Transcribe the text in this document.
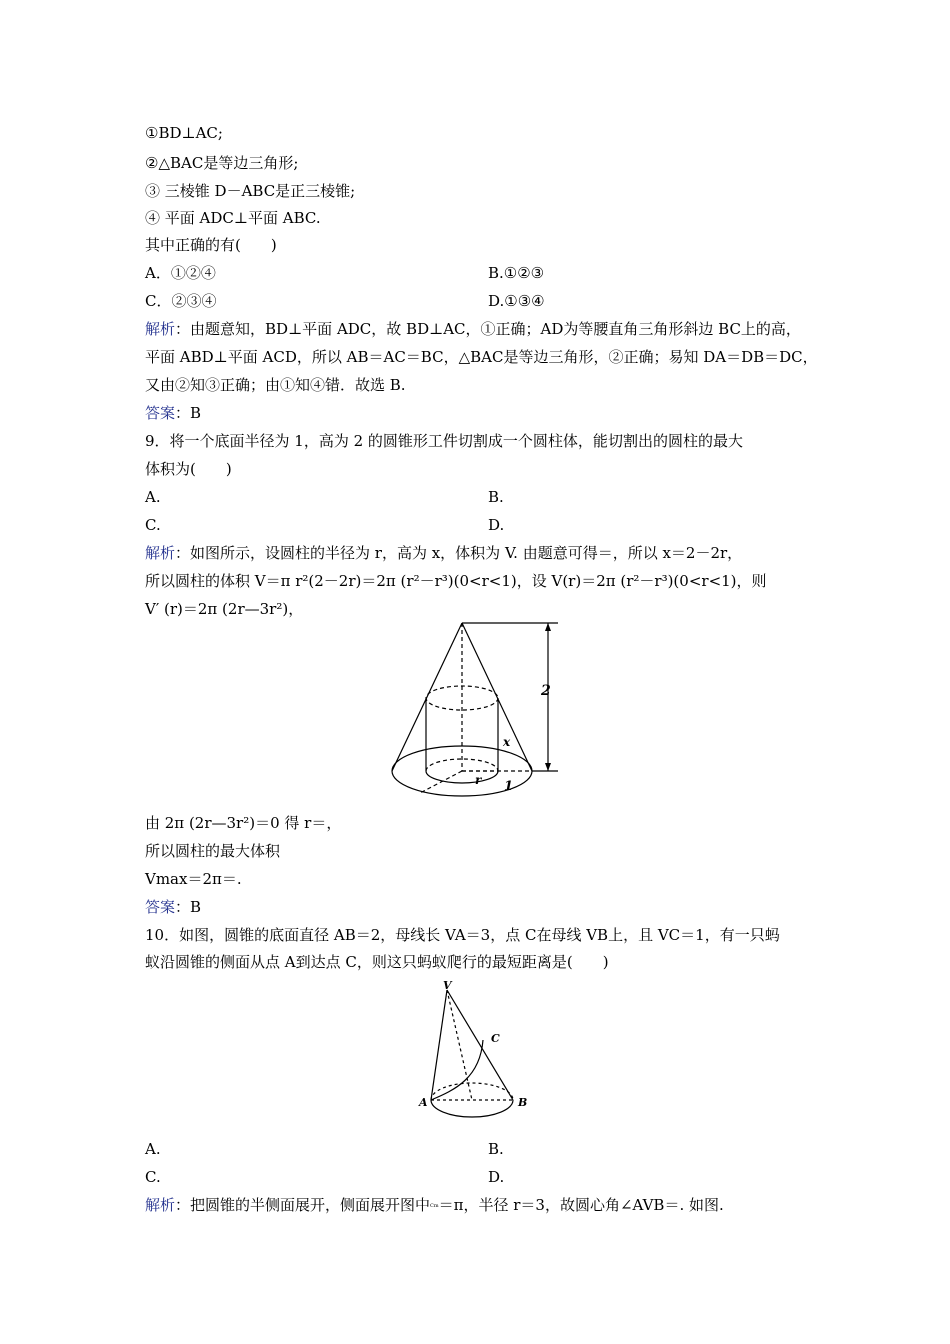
①BD⊥AC;
②△BAC是等边三角形;
③ 三棱锥 D－ABC是正三棱锥;
④ 平面 ADC⊥平面 ABC.
其中正确的有(　　)
A．①②④	B.①②③
C．②③④	D.①③④
解析：由题意知，BD⊥平面 ADC，故 BD⊥AC，①正确；AD为等腰直角三角形斜边 BC上的高，
平面 ABD⊥平面 ACD，所以 AB＝AC＝BC，△BAC是等边三角形，②正确；易知 DA＝DB＝DC，
又由②知③正确；由①知④错．故选 B.
答案：B
9．将一个底面半径为 1，高为 2 的圆锥形工件切割成一个圆柱体，能切割出的圆柱的最大
体积为(　　)
A.	B.
C.	D.
解析：如图所示，设圆柱的半径为 r，高为 x，体积为 V. 由题意可得＝，所以 x＝2－2r，
所以圆柱的体积 V＝π r²(2－2r)＝2π (r²－r³)(0<r<1)，设 V(r)＝2π (r²－r³)(0<r<1)，则
V′ (r)＝2π (2r—3r²)，
2
x
r 1
由 2π (2r—3r²)＝0 得 r＝，
所以圆柱的最大体积
Vmax＝2π＝.
答案：B
10．如图，圆锥的底面直径 AB＝2，母线长 VA＝3，点 C在母线 VB上，且 VC＝1，有一只蚂
蚁沿圆锥的侧面从点 A到达点 C，则这只蚂蚁爬行的最短距离是(　　)
V
C
A	B
A.	B.
C.	D.
解析：把圆锥的半侧面展开，侧面展开图中Cm＝π，半径 r＝3，故圆心角∠AVB＝. 如图.
